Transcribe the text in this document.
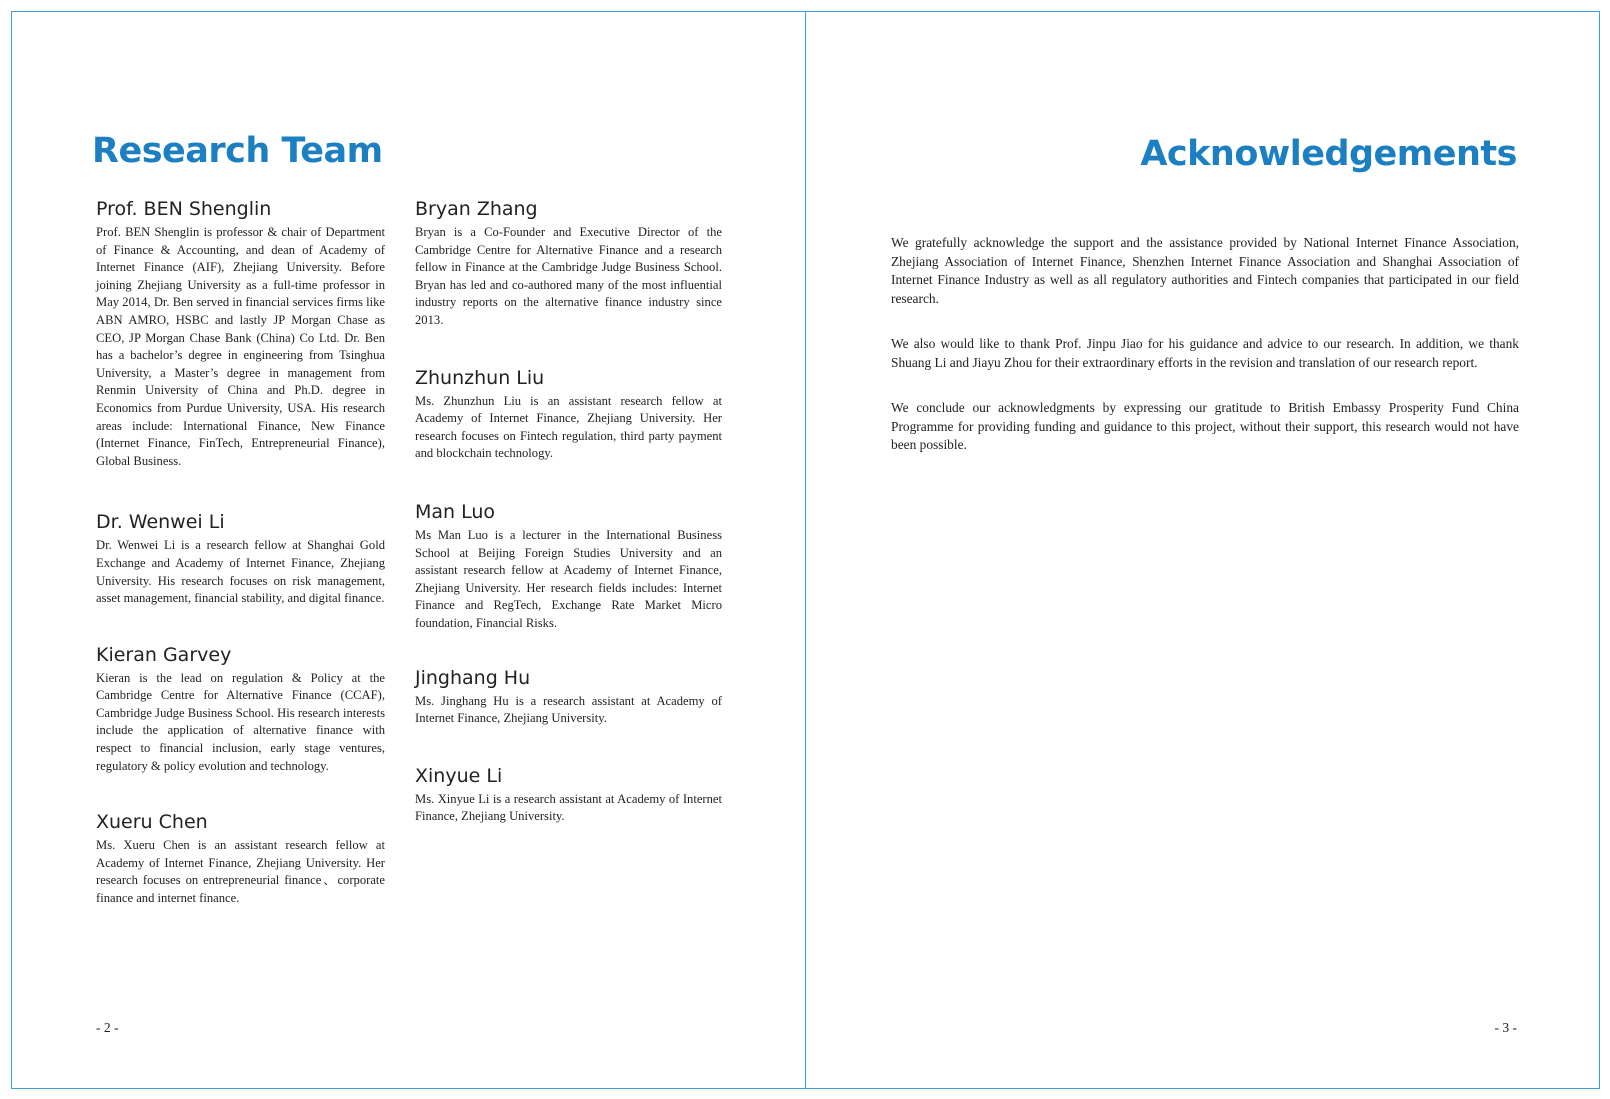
Research Team
Prof. BEN Shenglin

Prof. BEN Shenglin is professor & chair of Department of Finance & Accounting, and dean of Academy of Internet Finance (AIF), Zhejiang University. Before joining Zhejiang University as a full-time professor in May 2014, Dr. Ben served in financial services firms like ABN AMRO, HSBC and lastly JP Morgan Chase as CEO, JP Morgan Chase Bank (China) Co Ltd. Dr. Ben has a bachelor’s degree in engineering from Tsinghua University, a Master’s degree in management from Renmin University of China and Ph.D. degree in Economics from Purdue University, USA. His research areas include: International Finance, New Finance (Internet Finance, FinTech, Entrepreneurial Finance), Global Business.

Dr. Wenwei Li

Dr. Wenwei Li is a research fellow at Shanghai Gold Exchange and Academy of Internet Finance, Zhejiang University. His research focuses on risk management, asset management, financial stability, and digital finance.

Kieran Garvey

Kieran is the lead on regulation & Policy at the Cambridge Centre for Alternative Finance (CCAF), Cambridge Judge Business School. His research interests include the application of alternative finance with respect to financial inclusion, early stage ventures, regulatory & policy evolution and technology.

Xueru Chen

Ms. Xueru Chen is an assistant research fellow at Academy of Internet Finance, Zhejiang University. Her research focuses on entrepreneurial finance、corporate finance and internet finance.

Bryan Zhang

Bryan is a Co-Founder and Executive Director of the Cambridge Centre for Alternative Finance and a research fellow in Finance at the Cambridge Judge Business School. Bryan has led and co-authored many of the most influential industry reports on the alternative finance industry since 2013.

Zhunzhun Liu

Ms. Zhunzhun Liu is an assistant research fellow at Academy of Internet Finance, Zhejiang University. Her research focuses on Fintech regulation, third party payment and blockchain technology.

Man Luo

Ms Man Luo is a lecturer in the International Business School at Beijing Foreign Studies University and an assistant research fellow at Academy of Internet Finance, Zhejiang University. Her research fields includes: Internet Finance and RegTech, Exchange Rate Market Micro foundation, Financial Risks.

Jinghang Hu

Ms. Jinghang Hu is a research assistant at Academy of Internet Finance, Zhejiang University.

Xinyue Li

Ms. Xinyue Li is a research assistant at Academy of Internet Finance, Zhejiang University.

- 2 -
Acknowledgements

We gratefully acknowledge the support and the assistance provided by National Internet Finance Association, Zhejiang Association of Internet Finance, Shenzhen Internet Finance Association and Shanghai Association of Internet Finance Industry as well as all regulatory authorities and Fintech companies that participated in our field research.

We also would like to thank Prof. Jinpu Jiao for his guidance and advice to our research. In addition, we thank Shuang Li and Jiayu Zhou for their extraordinary efforts in the revision and translation of our research report.

We conclude our acknowledgments by expressing our gratitude to British Embassy Prosperity Fund China Programme for providing funding and guidance to this project, without their support, this research would not have been possible.

- 3 -
